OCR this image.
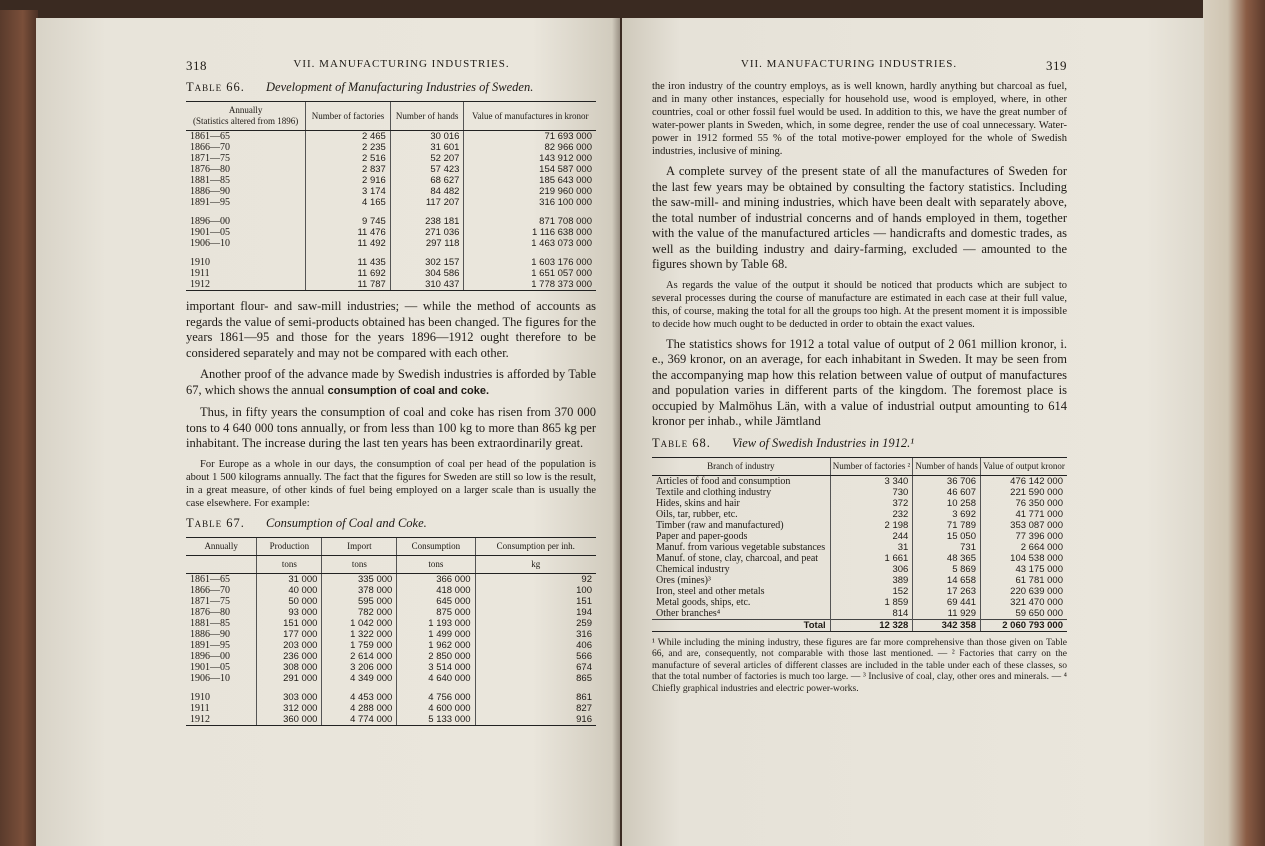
318	VII. MANUFACTURING INDUSTRIES.
Table 66. Development of Manufacturing Industries of Sweden.
Annually
(Statistics altered from 1896)	Number of factories	Number of hands	Value of manufactures in kronor
1861—65	2 465	30 016	71 693 000
1866—70	2 235	31 601	82 966 000
1871—75	2 516	52 207	143 912 000
1876—80	2 837	57 423	154 587 000
1881—85	2 916	68 627	185 643 000
1886—90	3 174	84 482	219 960 000
1891—95	4 165	117 207	316 100 000

1896—00	9 745	238 181	871 708 000
1901—05	11 476	271 036	1 116 638 000
1906—10	11 492	297 118	1 463 073 000

1910	11 435	302 157	1 603 176 000
1911	11 692	304 586	1 651 057 000
1912	11 787	310 437	1 778 373 000

important flour- and saw-mill industries; — while the method of accounts as regards the value of semi-products obtained has been changed. The figures for the years 1861—95 and those for the years 1896—1912 ought therefore to be considered separately and may not be compared with each other.

Another proof of the advance made by Swedish industries is afforded by Table 67, which shows the annual consumption of coal and coke.

Thus, in fifty years the consumption of coal and coke has risen from 370 000 tons to 4 640 000 tons annually, or from less than 100 kg to more than 865 kg per inhabitant. The increase during the last ten years has been extraordinarily great.

For Europe as a whole in our days, the consumption of coal per head of the population is about 1 500 kilograms annually. The fact that the figures for Sweden are still so low is the result, in a great measure, of other kinds of fuel being employed on a larger scale than is usually the case elsewhere. For example:

Table 67. Consumption of Coal and Coke.
Annually	Production	Import	Consumption	Consumption per inh.
	tons	tons	tons	kg
1861—65	31 000	335 000	366 000	92
1866—70	40 000	378 000	418 000	100
1871—75	50 000	595 000	645 000	151
1876—80	93 000	782 000	875 000	194
1881—85	151 000	1 042 000	1 193 000	259
1886—90	177 000	1 322 000	1 499 000	316
1891—95	203 000	1 759 000	1 962 000	406
1896—00	236 000	2 614 000	2 850 000	566
1901—05	308 000	3 206 000	3 514 000	674
1906—10	291 000	4 349 000	4 640 000	865

1910	303 000	4 453 000	4 756 000	861
1911	312 000	4 288 000	4 600 000	827
1912	360 000	4 774 000	5 133 000	916
VII. MANUFACTURING INDUSTRIES.	319

the iron industry of the country employs, as is well known, hardly anything but charcoal as fuel, and in many other instances, especially for household use, wood is employed, where, in other countries, coal or other fossil fuel would be used. In addition to this, we have the great number of water-power plants in Sweden, which, in some degree, render the use of coal unnecessary. Water-power in 1912 formed 55 % of the total motive-power employed for the whole of Swedish industries, inclusive of mining.

A complete survey of the present state of all the manufactures of Sweden for the last few years may be obtained by consulting the factory statistics. Including the saw-mill- and mining industries, which have been dealt with separately above, the total number of industrial concerns and of hands employed in them, together with the value of the manufactured articles — handicrafts and domestic trades, as well as the building industry and dairy-farming, excluded — amounted to the figures shown by Table 68.

As regards the value of the output it should be noticed that products which are subject to several processes during the course of manufacture are estimated in each case at their full value, this, of course, making the total for all the groups too high. At the present moment it is impossible to decide how much ought to be deducted in order to obtain the exact values.

The statistics shows for 1912 a total value of output of 2 061 million kronor, i. e., 369 kronor, on an average, for each inhabitant in Sweden. It may be seen from the accompanying map how this relation between value of output of manufactures and population varies in different parts of the kingdom. The foremost place is occupied by Malmöhus Län, with a value of industrial output amounting to 614 kronor per inhab., while Jämtland

Table 68. View of Swedish Industries in 1912.¹
Branch of industry	Number of factories ²	Number of hands	Value of output kronor
Articles of food and consumption	3 340	36 706	476 142 000
Textile and clothing industry	730	46 607	221 590 000
Hides, skins and hair	372	10 258	76 350 000
Oils, tar, rubber, etc.	232	3 692	41 771 000
Timber (raw and manufactured)	2 198	71 789	353 087 000
Paper and paper-goods	244	15 050	77 396 000
Manuf. from various vegetable substances	31	731	2 664 000
Manuf. of stone, clay, charcoal, and peat	1 661	48 365	104 538 000
Chemical industry	306	5 869	43 175 000
Ores (mines)³	389	14 658	61 781 000
Iron, steel and other metals	152	17 263	220 639 000
Metal goods, ships, etc.	1 859	69 441	321 470 000
Other branches⁴	814	11 929	59 650 000
Total	12 328	342 358	2 060 793 000
¹ While including the mining industry, these figures are far more comprehensive than those given on Table 66, and are, consequently, not comparable with those last mentioned. — ² Factories that carry on the manufacture of several articles of different classes are included in the table under each of these classes, so that the total number of factories is much too large. — ³ Inclusive of coal, clay, other ores and minerals. — ⁴ Chiefly graphical industries and electric power-works.
